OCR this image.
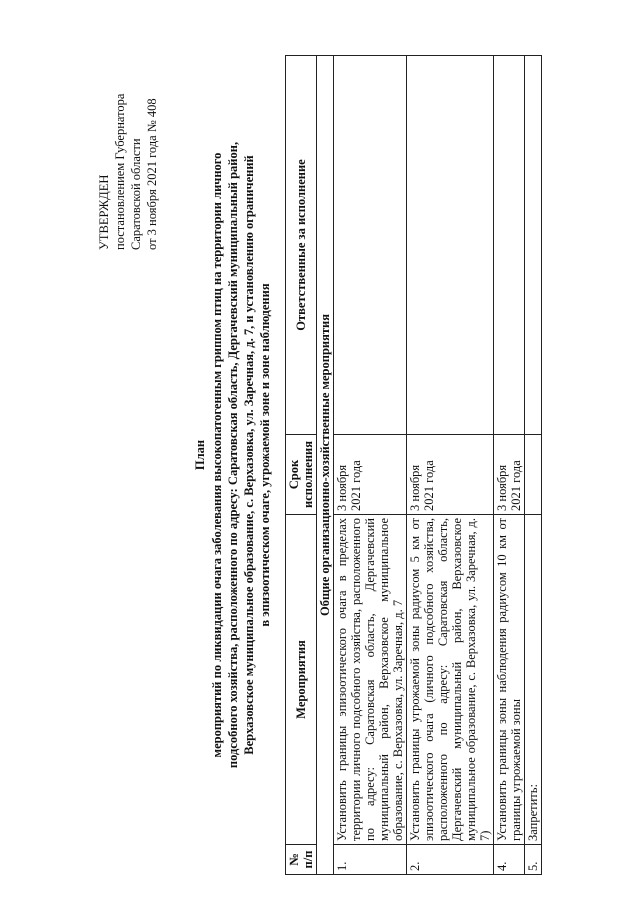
УТВЕРЖДЕН постановлением Губернатора Саратовской области от 3 ноября 2021 года № 408
План мероприятий по ликвидации очага заболевания высокопатогенным гриппом птиц на территории личного подсобного хозяйства, расположенного по адресу: Саратовская область, Дергачевский муниципальный район, Верхазовское муниципальное образование, с. Верхазовка, ул. Заречная, д. 7, и установлению ограничений в эпизоотическом очаге, угрожаемой зоне и зоне наблюдения
№ п/п	Мероприятия	Срок исполнения	Ответственные за исполнение
Общие организационно-хозяйственные мероприятия			
1.	Установить границы эпизоотического очага в пределах территории личного подсобного хозяйства, расположенного по адресу: Саратовская область, Дергачевский муниципальный район, Верхазовское муниципальное образование, с. Верхазовка, ул. Заречная, д. 7	3 ноября 2021 года	
2.	Установить границы угрожаемой зоны радиусом 5 км от эпизоотического очага (личного подсобного хозяйства, расположенного по адресу: Саратовская область, Дергачевский муниципальный район, Верхазовское муниципальное образование, с. Верхазовка, ул. Заречная, д. 7)	3 ноября 2021 года	
4.	Установить границы зоны наблюдения радиусом 10 км от границы угрожаемой зоны	3 ноября 2021 года	
5.	Запретить:		
